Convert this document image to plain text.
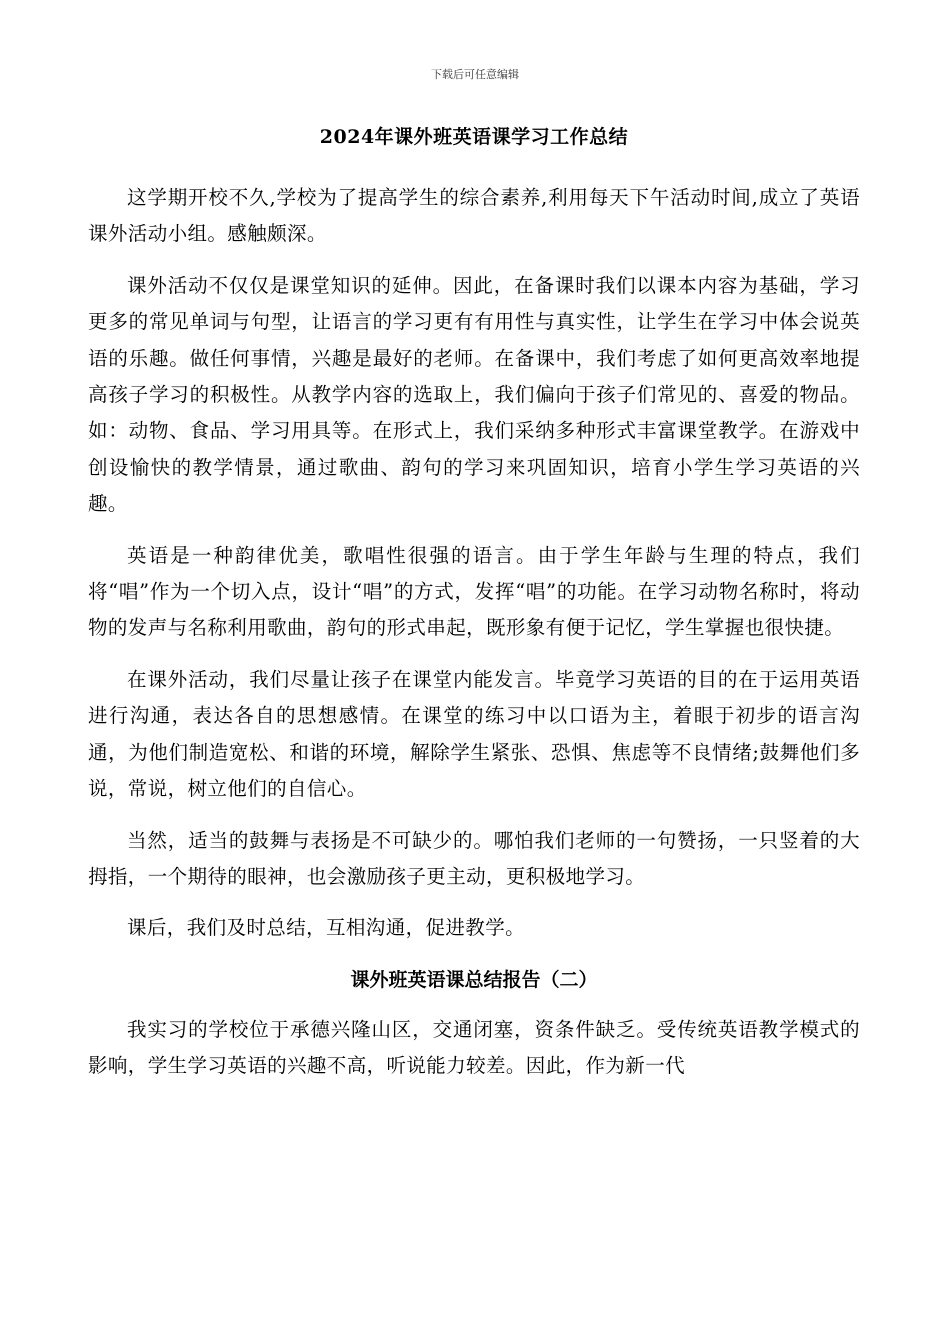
下载后可任意编辑
2024年课外班英语课学习工作总结

这学期开校不久,学校为了提高学生的综合素养,利用每天下午活动时间,成立了英语课外活动小组。感触颇深。

课外活动不仅仅是课堂知识的延伸。因此，在备课时我们以课本内容为基础，学习更多的常见单词与句型，让语言的学习更有有用性与真实性，让学生在学习中体会说英语的乐趣。做任何事情，兴趣是最好的老师。在备课中，我们考虑了如何更高效率地提高孩子学习的积极性。从教学内容的选取上，我们偏向于孩子们常见的、喜爱的物品。如：动物、食品、学习用具等。在形式上，我们采纳多种形式丰富课堂教学。在游戏中创设愉快的教学情景，通过歌曲、韵句的学习来巩固知识，培育小学生学习英语的兴趣。

英语是一种韵律优美，歌唱性很强的语言。由于学生年龄与生理的特点，我们将“唱”作为一个切入点，设计“唱”的方式，发挥“唱”的功能。在学习动物名称时，将动物的发声与名称利用歌曲，韵句的形式串起，既形象有便于记忆，学生掌握也很快捷。

在课外活动，我们尽量让孩子在课堂内能发言。毕竟学习英语的目的在于运用英语进行沟通，表达各自的思想感情。在课堂的练习中以口语为主，着眼于初步的语言沟通，为他们制造宽松、和谐的环境，解除学生紧张、恐惧、焦虑等不良情绪;鼓舞他们多说，常说，树立他们的自信心。

当然，适当的鼓舞与表扬是不可缺少的。哪怕我们老师的一句赞扬，一只竖着的大拇指，一个期待的眼神，也会激励孩子更主动，更积极地学习。

课后，我们及时总结，互相沟通，促进教学。

课外班英语课总结报告（二）

我实习的学校位于承德兴隆山区，交通闭塞，资条件缺乏。受传统英语教学模式的影响，学生学习英语的兴趣不高，听说能力较差。因此，作为新一代
